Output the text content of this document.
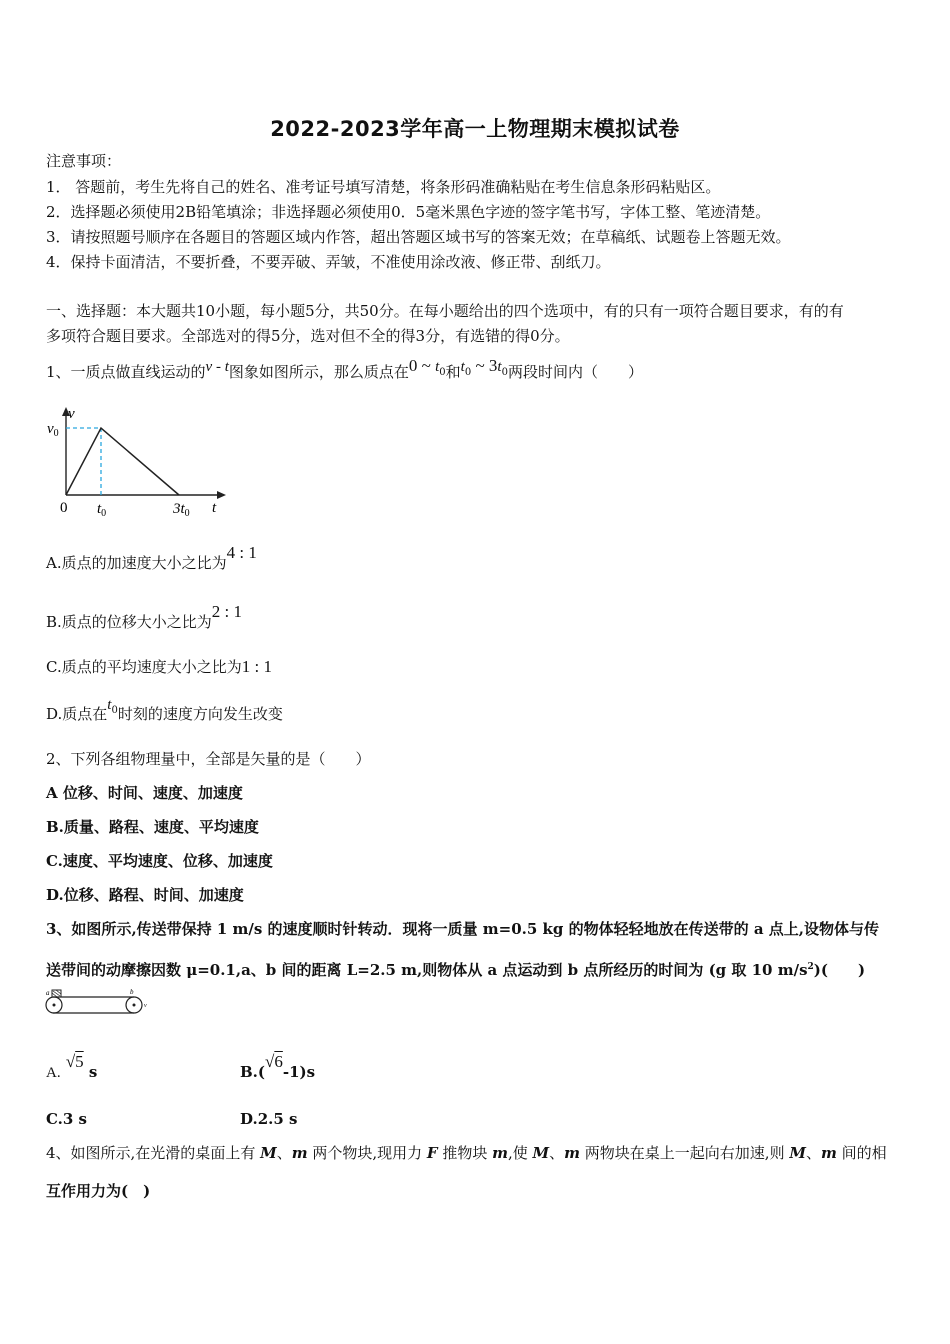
2022-2023学年高一上物理期末模拟试卷
注意事项：
1． 答题前，考生先将自己的姓名、准考证号填写清楚，将条形码准确粘贴在考生信息条形码粘贴区。
2．选择题必须使用2B铅笔填涂；非选择题必须使用0．5毫米黑色字迹的签字笔书写，字体工整、笔迹清楚。
3．请按照题号顺序在各题目的答题区域内作答，超出答题区域书写的答案无效；在草稿纸、试题卷上答题无效。
4．保持卡面清洁，不要折叠，不要弄破、弄皱，不准使用涂改液、修正带、刮纸刀。
一、选择题：本大题共10小题，每小题5分，共50分。在每小题给出的四个选项中，有的只有一项符合题目要求，有的有
多项符合题目要求。全部选对的得5分，选对但不全的得3分，有选错的得0分。
1、一质点做直线运动的v - t图象如图所示，那么质点在0 ~ $t_0$和$t_0$ ~ $3t_0$两段时间内（　　）
v
$v_0$
0 $t_0$	$3t_0$ t
A.质点的加速度大小之比为4 : 1
B.质点的位移大小之比为2 : 1
C.质点的平均速度大小之比为1 : 1
D.质点在$t_0$时刻的速度方向发生改变
2、下列各组物理量中，全部是矢量的是（　　）
A 位移、时间、速度、加速度
B.质量、路程、速度、平均速度
C.速度、平均速度、位移、加速度
D.位移、路程、时间、加速度
3、如图所示,传送带保持 1 m/s 的速度顺时针转动．现将一质量 m=0.5 kg 的物体轻轻地放在传送带的 a 点上,设物体与传
送带间的动摩擦因数 μ=0.1,a、b 间的距离 L=2.5 m,则物体从 a 点运动到 b 点所经历的时间为 (g 取 10 $m/s^2$)(　　)
a	b
v
A. √5 s	B.(√6-1)s
C.3 s	D.2.5 s
4、如图所示,在光滑的桌面上有 M、m 两个物块,现用力 F 推物块 m,使 M、m 两物块在桌上一起向右加速,则 M、m 间的相
互作用力为(　)
